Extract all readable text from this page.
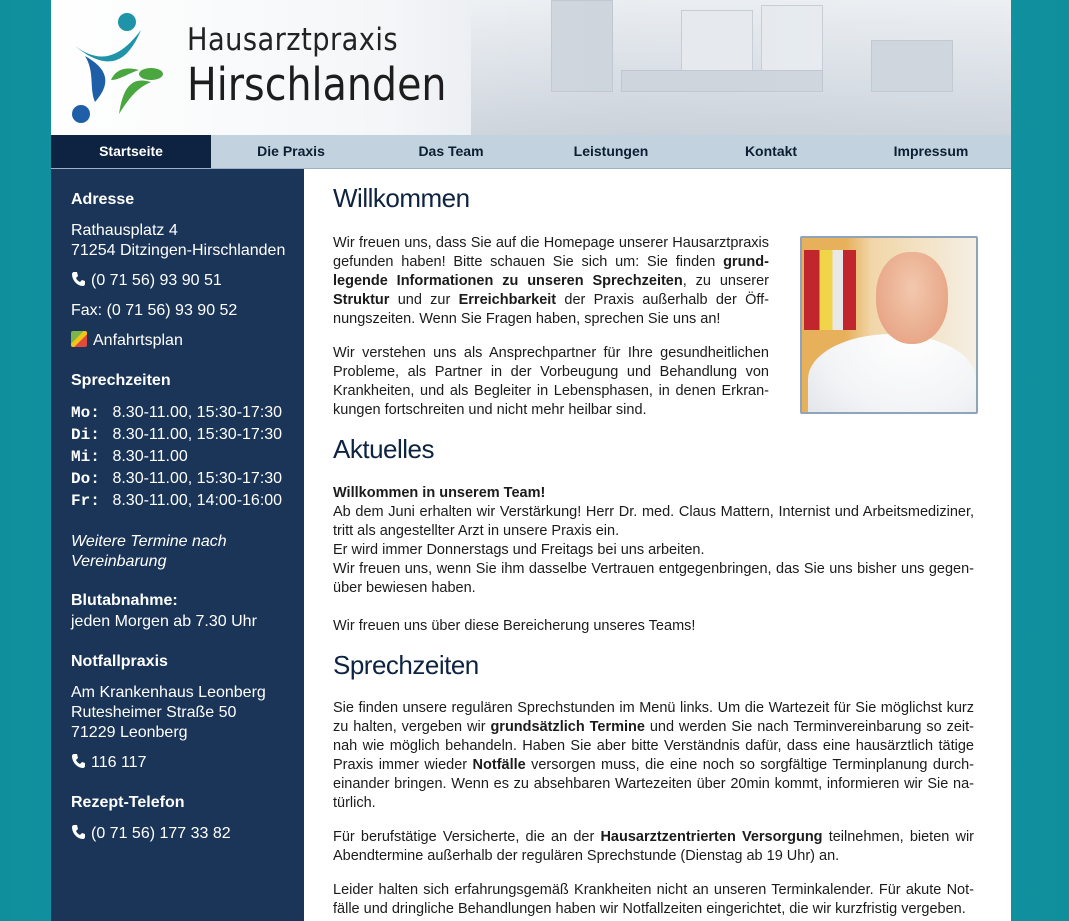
Hausarztpraxis
Hirschlanden
Startseite	Die Praxis	Das Team	Leistungen	Kontakt	Impressum
Adresse
Rathausplatz 4
71254 Ditzingen-Hirschlanden
(0 71 56) 93 90 51
Fax: (0 71 56) 93 90 52
Anfahrtsplan
Sprechzeiten
Mo: 8.30-11.00, 15:30-17:30
Di: 8.30-11.00, 15:30-17:30
Mi: 8.30-11.00
Do: 8.30-11.00, 15:30-17:30
Fr: 8.30-11.00, 14:00-16:00
Weitere Termine nach
Vereinbarung
Blutabnahme:
jeden Morgen ab 7.30 Uhr
Notfallpraxis
Am Krankenhaus Leonberg
Rutesheimer Straße 50
71229 Leonberg
116 117
Rezept-Telefon
(0 71 56) 177 33 82
Willkommen

Wir freuen uns, dass Sie auf die Homepage unserer Hausarztpraxis gefunden haben! Bitte schauen Sie sich um: Sie finden grundlegende Informationen zu unseren Sprechzeiten, zu unserer Struktur und zur Erreichbarkeit der Praxis außerhalb der Öffnungszeiten. Wenn Sie Fragen haben, sprechen Sie uns an!

Wir verstehen uns als Ansprechpartner für Ihre gesundheitlichen Probleme, als Partner in der Vorbeugung und Behandlung von Krankheiten, und als Begleiter in Lebensphasen, in denen Erkrankungen fortschreiten und nicht mehr heilbar sind.

Aktuelles

Willkommen in unserem Team!
Ab dem Juni erhalten wir Verstärkung! Herr Dr. med. Claus Mattern, Internist und Arbeitsmediziner, tritt als angestellter Arzt in unsere Praxis ein.
Er wird immer Donnerstags und Freitags bei uns arbeiten.
Wir freuen uns, wenn Sie ihm dasselbe Vertrauen entgegenbringen, das Sie uns bisher uns gegenüber bewiesen haben.

Wir freuen uns über diese Bereicherung unseres Teams!

Sprechzeiten

Sie finden unsere regulären Sprechstunden im Menü links. Um die Wartezeit für Sie möglichst kurz zu halten, vergeben wir grundsätzlich Termine und werden Sie nach Terminvereinbarung so zeitnah wie möglich behandeln. Haben Sie aber bitte Verständnis dafür, dass eine hausärztlich tätige Praxis immer wieder Notfälle versorgen muss, die eine noch so sorgfältige Terminplanung durcheinander bringen. Wenn es zu absehbaren Wartezeiten über 20min kommt, informieren wir Sie natürlich.

Für berufstätige Versicherte, die an der Hausarztzentrierten Versorgung teilnehmen, bieten wir Abendtermine außerhalb der regulären Sprechstunde (Dienstag ab 19 Uhr) an.

Leider halten sich erfahrungsgemäß Krankheiten nicht an unseren Terminkalender. Für akute Notfälle und dringliche Behandlungen haben wir Notfallzeiten eingerichtet, die wir kurzfristig vergeben.
